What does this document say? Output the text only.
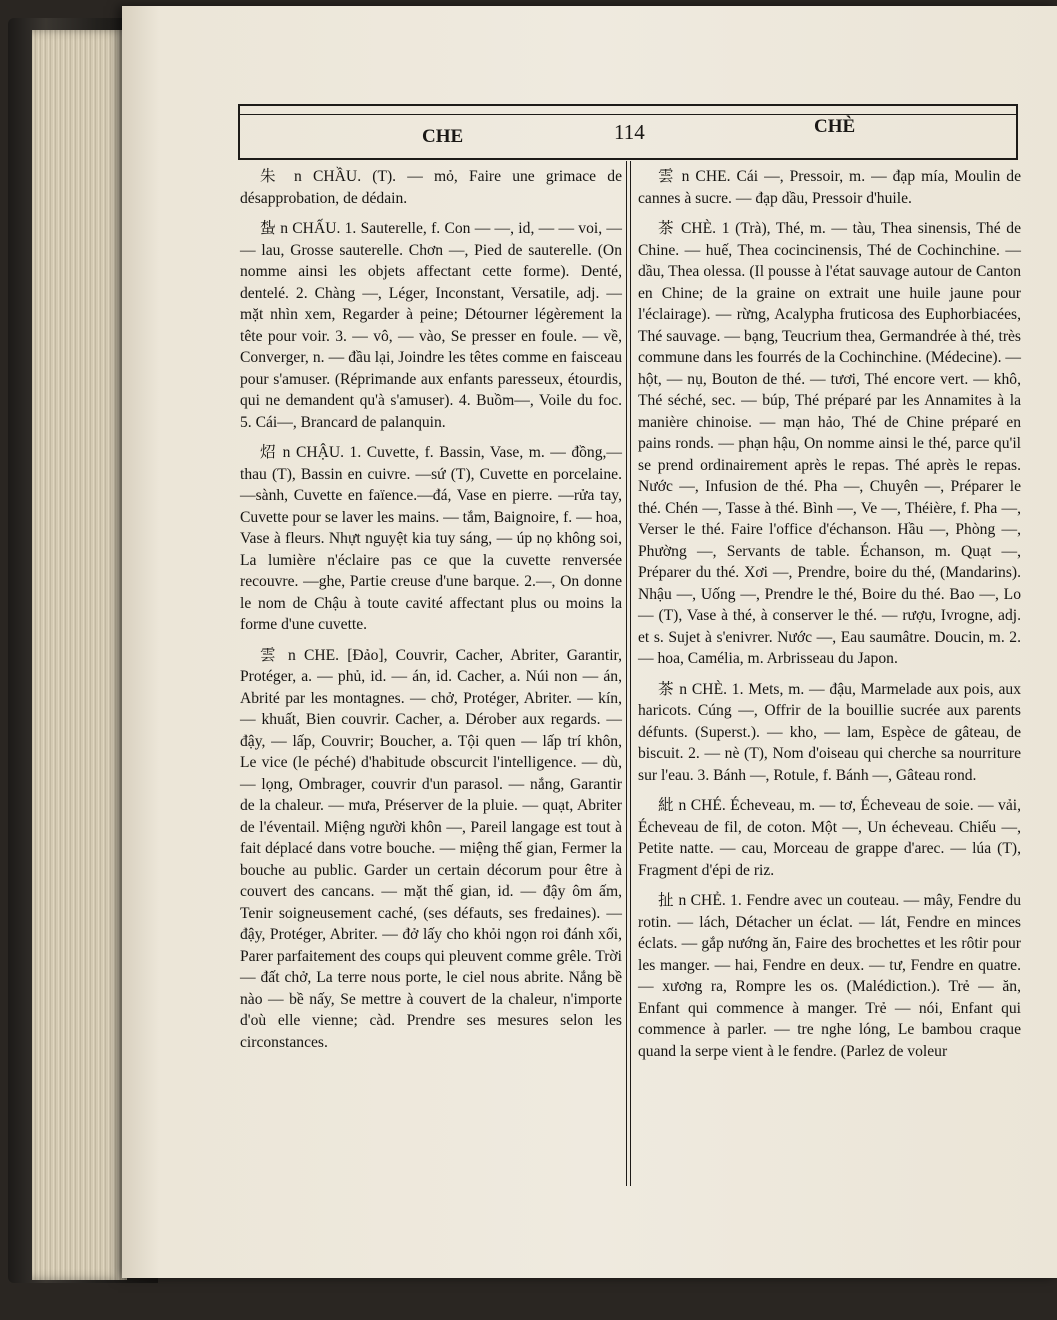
CHE	114	CHÈ

朱 n CHẦU. (T). — mỏ, Faire une grimace de désapprobation, de dédain.

蚻 n CHẤU. 1. Sauterelle, f. Con — —, id, — — voi, — — lau, Grosse sauterelle. Chơn —, Pied de sauterelle. (On nomme ainsi les objets affectant cette forme). Denté, dentelé. 2. Chàng —, Léger, Inconstant, Versatile, adj. — mặt nhìn xem, Regarder à peine; Détourner légèrement la tête pour voir. 3. — vô, — vào, Se presser en foule. — về, Converger, n. — đầu lại, Joindre les têtes comme en faisceau pour s'amuser. (Réprimande aux enfants paresseux, étourdis, qui ne demandent qu'à s'amuser). 4. Buồm—, Voile du foc. 5. Cái—, Brancard de palanquin.

炤 n CHẬU. 1. Cuvette, f. Bassin, Vase, m. — đồng,—thau (T), Bassin en cuivre. —sứ (T), Cuvette en porcelaine. —sành, Cuvette en faïence.—đá, Vase en pierre. —rửa tay, Cuvette pour se laver les mains. — tắm, Baignoire, f. — hoa, Vase à fleurs. Nhựt nguyệt kia tuy sáng, — úp nọ không soi, La lumière n'éclaire pas ce que la cuvette renversée recouvre. —ghe, Partie creuse d'une barque. 2.—, On donne le nom de Chậu à toute cavité affectant plus ou moins la forme d'une cuvette.

雲 n CHE. [Đảo], Couvrir, Cacher, Abriter, Garantir, Protéger, a. — phủ, id. — án, id. Cacher, a. Núi non — án, Abrité par les montagnes. — chở, Protéger, Abriter. — kín, — khuất, Bien couvrir. Cacher, a. Dérober aux regards. — đậy, — lấp, Couvrir; Boucher, a. Tội quen — lấp trí khôn, Le vice (le péché) d'habitude obscurcit l'intelligence. — dù, — lọng, Ombrager, couvrir d'un parasol. — nắng, Garantir de la chaleur. — mưa, Préserver de la pluie. — quạt, Abriter de l'éventail. Miệng người khôn —, Pareil langage est tout à fait déplacé dans votre bouche. — miệng thế gian, Fermer la bouche au public. Garder un certain décorum pour être à couvert des cancans. — mặt thế gian, id. — đậy ôm ấm, Tenir soigneusement caché, (ses défauts, ses fredaines). — đậy, Protéger, Abriter. — đở lấy cho khỏi ngọn roi đánh xối, Parer parfaitement des coups qui pleuvent comme grêle. Trời — đất chở, La terre nous porte, le ciel nous abrite. Nắng bề nào — bề nấy, Se mettre à couvert de la chaleur, n'importe d'où elle vienne; càd. Prendre ses mesures selon les circonstances.

雲 n CHE. Cái —, Pressoir, m. — đạp mía, Moulin de cannes à sucre. — đạp dầu, Pressoir d'huile.

茶 CHÈ. 1 (Trà), Thé, m. — tàu, Thea sinensis, Thé de Chine. — huế, Thea cocincinensis, Thé de Cochinchine. — dầu, Thea olessa. (Il pousse à l'état sauvage autour de Canton en Chine; de la graine on extrait une huile jaune pour l'éclairage). — rừng, Acalypha fruticosa des Euphorbiacées, Thé sauvage. — bạng, Teucrium thea, Germandrée à thé, très commune dans les fourrés de la Cochinchine. (Médecine). — hột, — nụ, Bouton de thé. — tươi, Thé encore vert. — khô, Thé séché, sec. — búp, Thé préparé par les Annamites à la manière chinoise. — mạn hảo, Thé de Chine préparé en pains ronds. — phạn hậu, On nomme ainsi le thé, parce qu'il se prend ordinairement après le repas. Thé après le repas. Nước —, Infusion de thé. Pha —, Chuyên —, Préparer le thé. Chén —, Tasse à thé. Bình —, Ve —, Théière, f. Pha —, Verser le thé. Faire l'office d'échanson. Hầu —, Phòng —, Phường —, Servants de table. Échanson, m. Quạt —, Préparer du thé. Xơi —, Prendre, boire du thé, (Mandarins). Nhậu —, Uống —, Prendre le thé, Boire du thé. Bao —, Lo — (T), Vase à thé, à conserver le thé. — rượu, Ivrogne, adj. et s. Sujet à s'enivrer. Nước —, Eau saumâtre. Doucin, m. 2. — hoa, Camélia, m. Arbrisseau du Japon.

茶 n CHÈ. 1. Mets, m. — đậu, Marmelade aux pois, aux haricots. Cúng —, Offrir de la bouillie sucrée aux parents défunts. (Superst.). — kho, — lam, Espèce de gâteau, de biscuit. 2. — nè (T), Nom d'oiseau qui cherche sa nourriture sur l'eau. 3. Bánh —, Rotule, f. Bánh —, Gâteau rond.

紕 n CHÉ. Écheveau, m. — tơ, Écheveau de soie. — vải, Écheveau de fil, de coton. Một —, Un écheveau. Chiếu —, Petite natte. — cau, Morceau de grappe d'arec. — lúa (T), Fragment d'épi de riz.

扯 n CHẺ. 1. Fendre avec un couteau. — mây, Fendre du rotin. — lách, Détacher un éclat. — lát, Fendre en minces éclats. — gắp nướng ăn, Faire des brochettes et les rôtir pour les manger. — hai, Fendre en deux. — tư, Fendre en quatre. — xương ra, Rompre les os. (Malédiction.). Trẻ — ăn, Enfant qui commence à manger. Trẻ — nói, Enfant qui commence à parler. — tre nghe lóng, Le bambou craque quand la serpe vient à le fendre. (Parlez de voleur
